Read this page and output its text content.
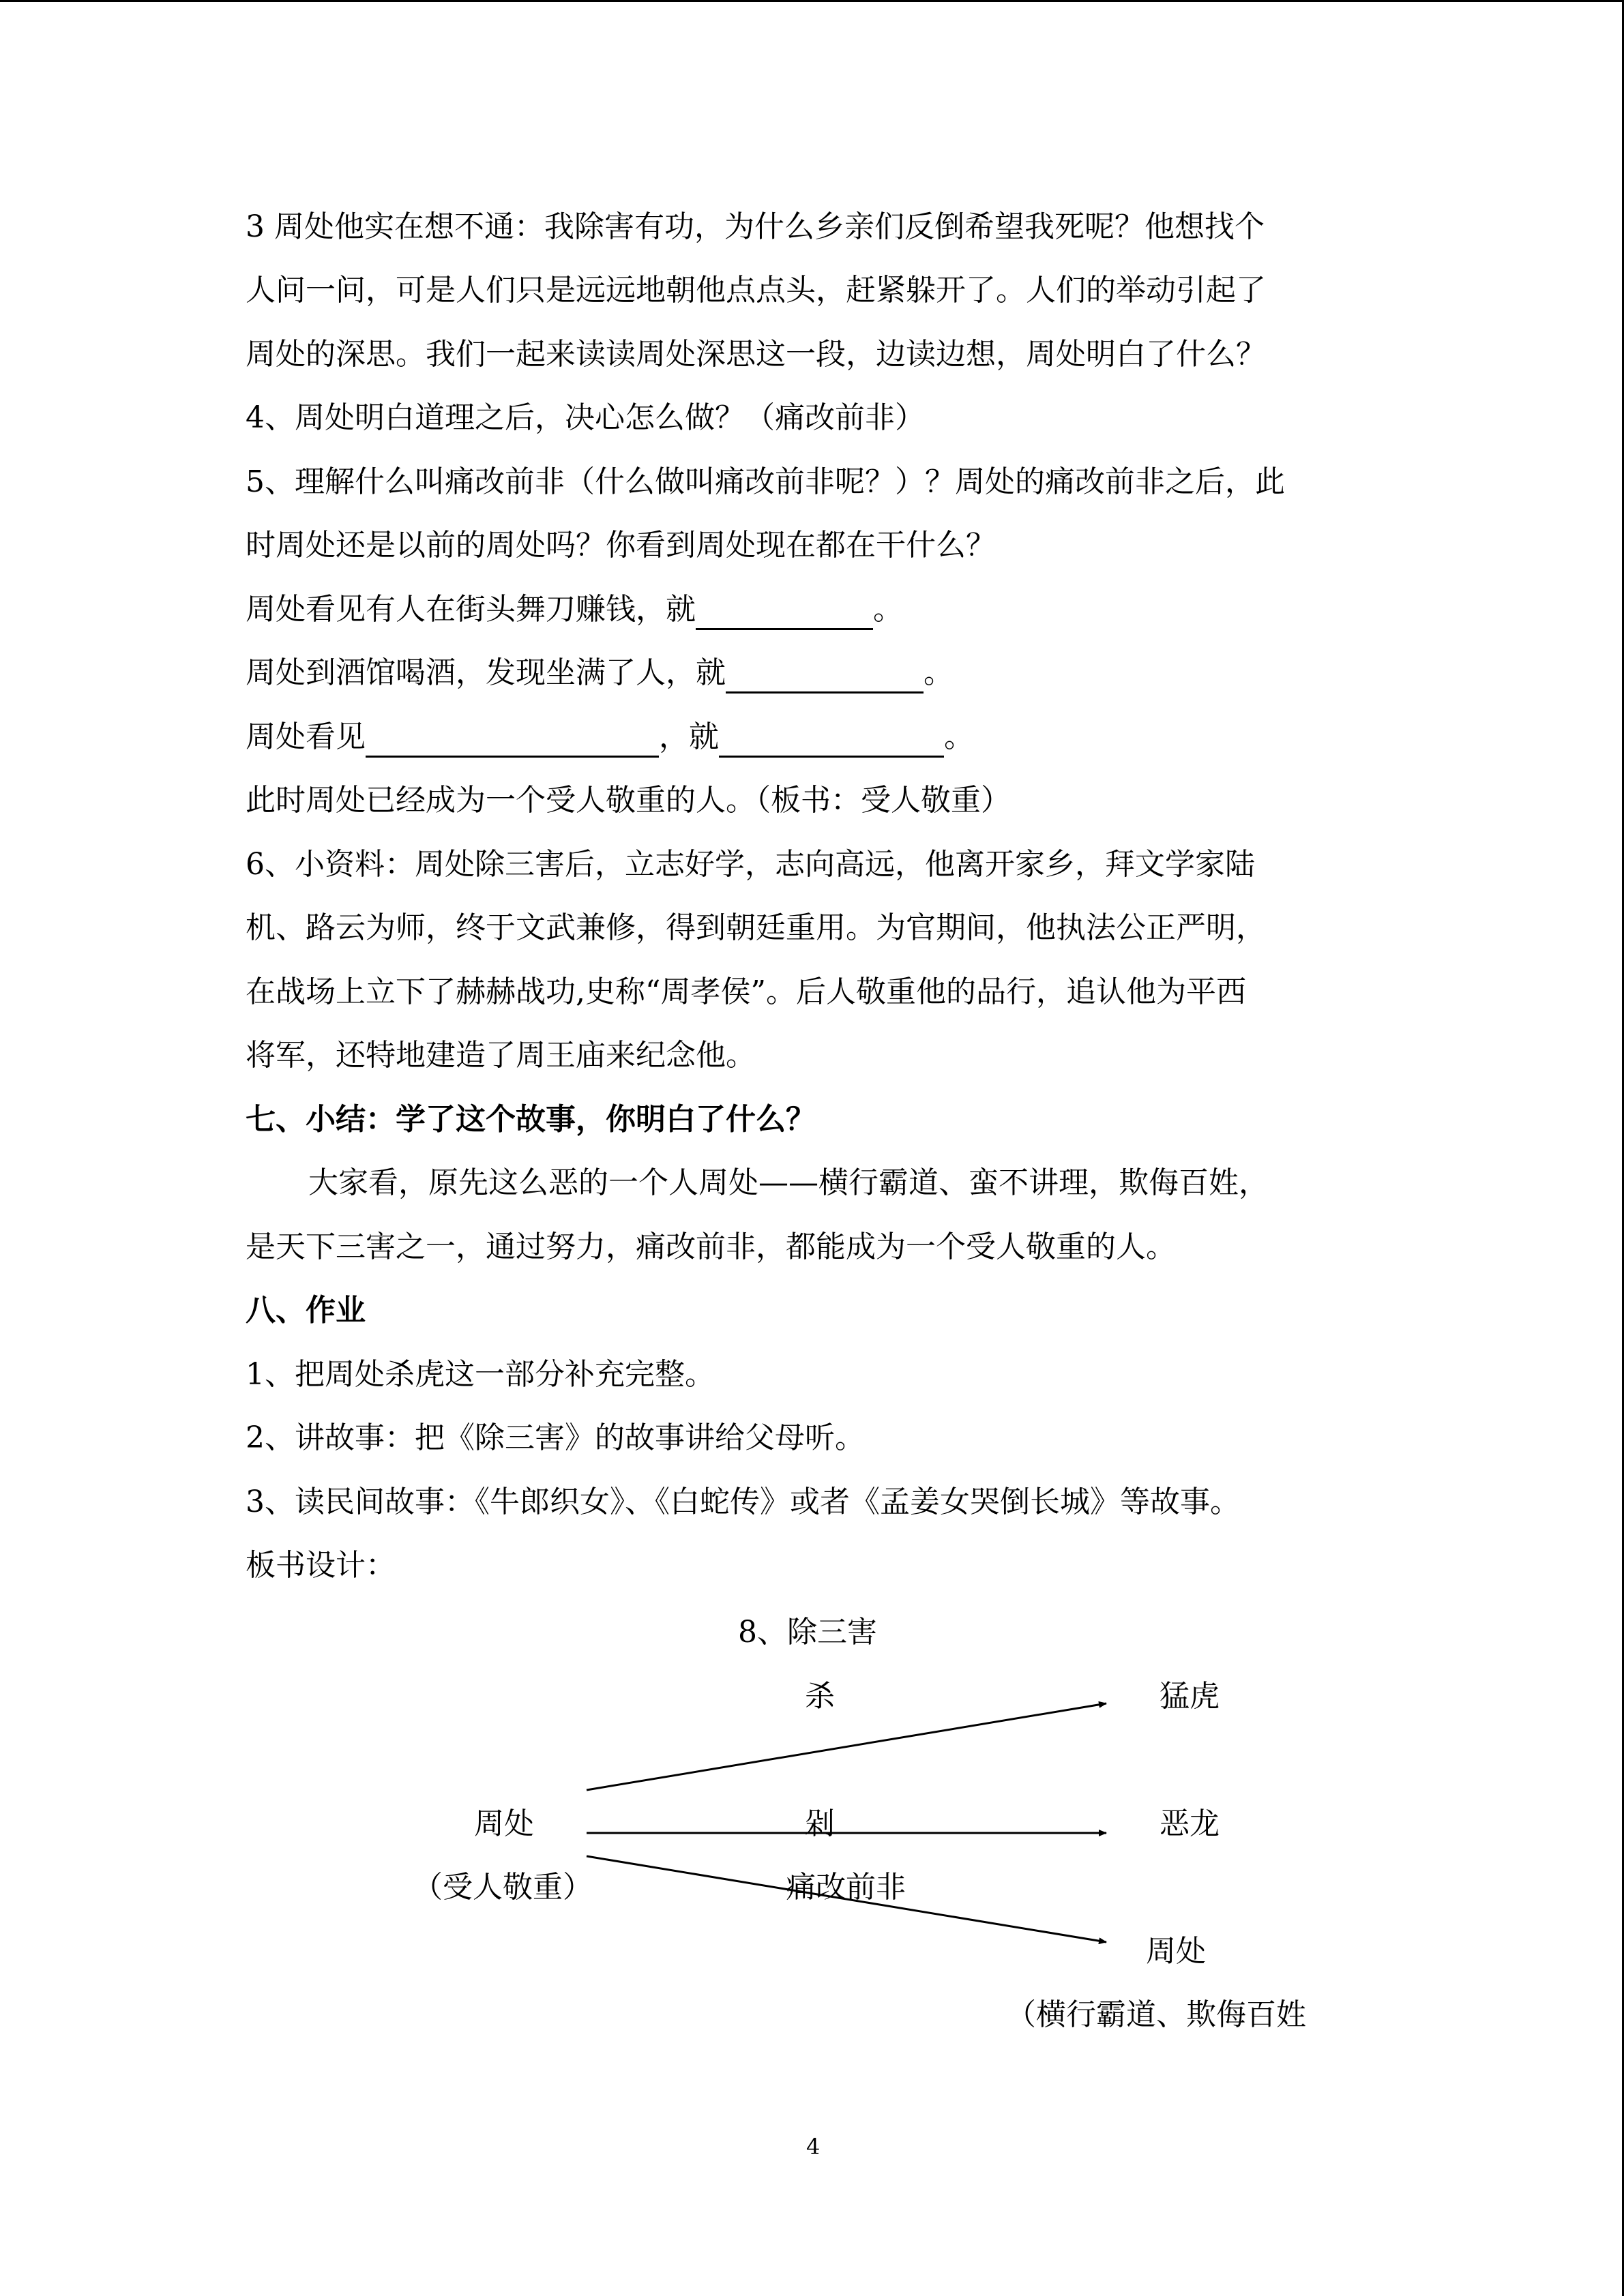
3 周处他实在想不通：我除害有功，为什么乡亲们反倒希望我死呢？他想找个
人问一问，可是人们只是远远地朝他点点头，赶紧躲开了。人们的举动引起了
周处的深思。我们一起来读读周处深思这一段，边读边想，周处明白了什么？
4、周处明白道理之后，决心怎么做？（痛改前非）
5、理解什么叫痛改前非（什么做叫痛改前非呢？）？周处的痛改前非之后，此
时周处还是以前的周处吗？你看到周处现在都在干什么？
周处看见有人在街头舞刀赚钱，就	。
周处到酒馆喝酒，发现坐满了人，就	。
周处看见	，就	。
此时周处已经成为一个受人敬重的人。（板书：受人敬重）
6、小资料：周处除三害后，立志好学，志向高远，他离开家乡，拜文学家陆
机、路云为师，终于文武兼修，得到朝廷重用。为官期间，他执法公正严明，
在战场上立下了赫赫战功,史称“周孝侯”。后人敬重他的品行，追认他为平西
将军，还特地建造了周王庙来纪念他。
七、小结：学了这个故事，你明白了什么？
大家看，原先这么恶的一个人周处——横行霸道、蛮不讲理，欺侮百姓，
是天下三害之一，通过努力，痛改前非，都能成为一个受人敬重的人。
八、作业
1、把周处杀虎这一部分补充完整。
2、讲故事：把《除三害》的故事讲给父母听。
3、读民间故事：《牛郎织女》、《白蛇传》或者《孟姜女哭倒长城》等故事。
板书设计：
8、除三害
杀	猛虎
周处	剁	恶龙
（受人敬重）	痛改前非
周处
（横行霸道、欺侮百姓
4
